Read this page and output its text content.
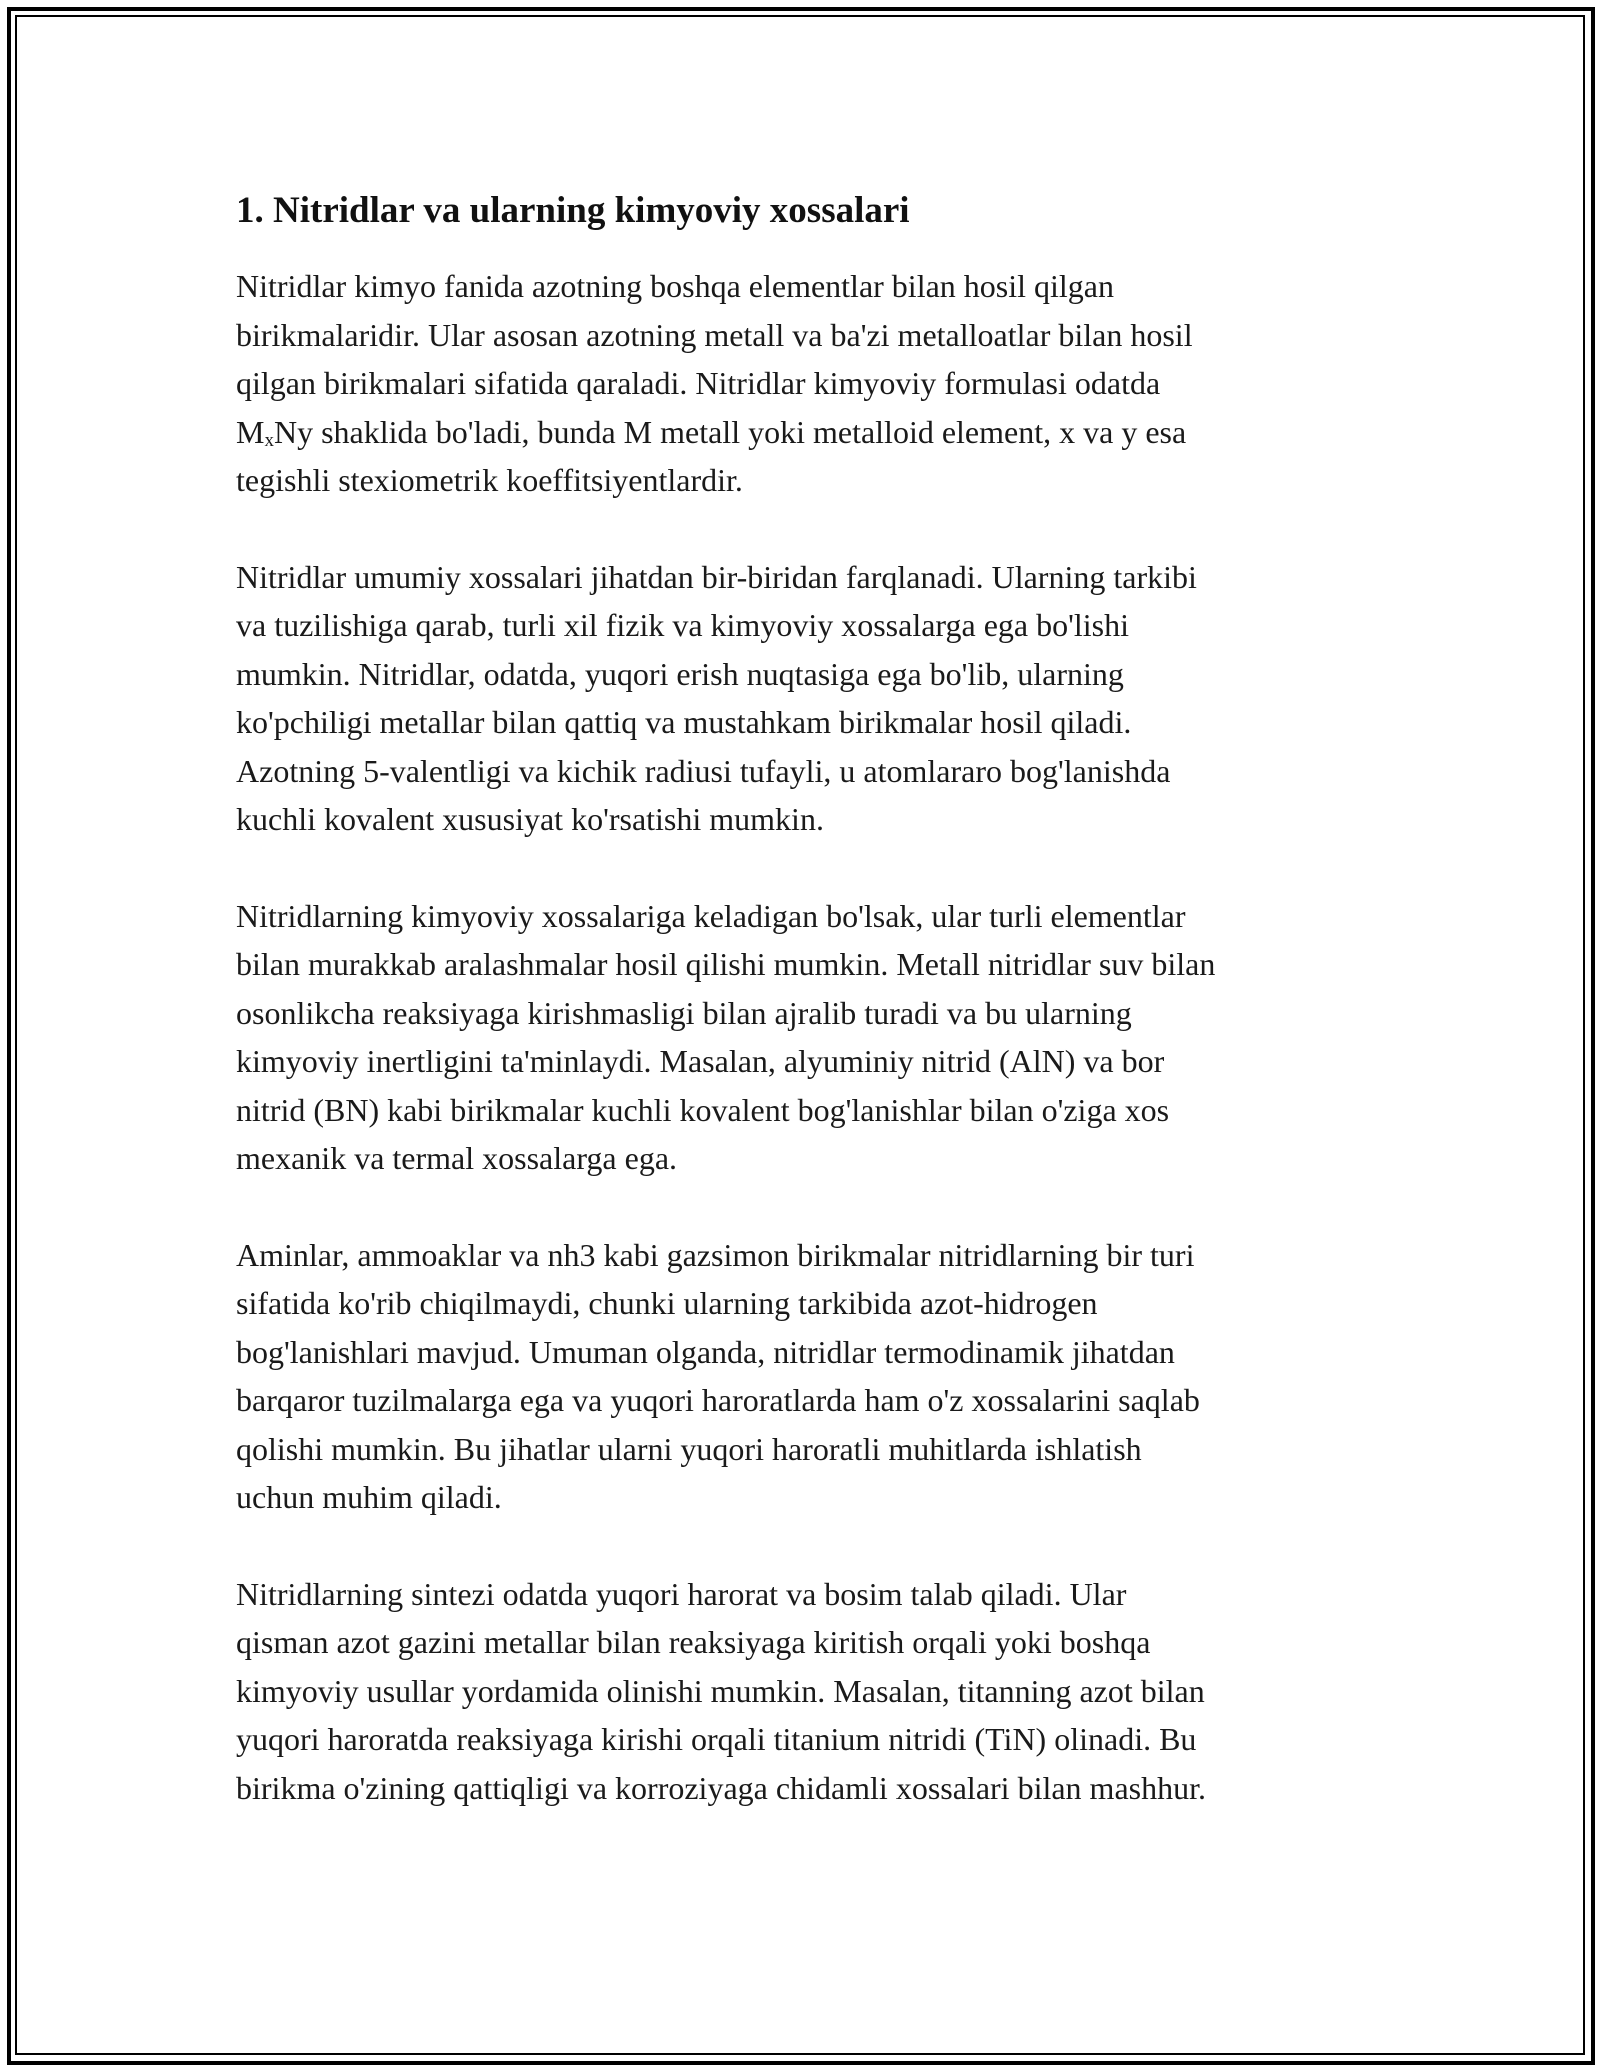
1. Nitridlar va ularning kimyoviy xossalari

Nitridlar kimyo fanida azotning boshqa elementlar bilan hosil qilgan
birikmalaridir. Ular asosan azotning metall va ba'zi metalloatlar bilan hosil
qilgan birikmalari sifatida qaraladi. Nitridlar kimyoviy formulasi odatda
$M_xNy$ shaklida bo'ladi, bunda M metall yoki metalloid element, x va y esa
tegishli stexiometrik koeffitsiyentlardir.

Nitridlar umumiy xossalari jihatdan bir-biridan farqlanadi. Ularning tarkibi
va tuzilishiga qarab, turli xil fizik va kimyoviy xossalarga ega bo'lishi
mumkin. Nitridlar, odatda, yuqori erish nuqtasiga ega bo'lib, ularning
ko'pchiligi metallar bilan qattiq va mustahkam birikmalar hosil qiladi.
Azotning 5-valentligi va kichik radiusi tufayli, u atomlararo bog'lanishda
kuchli kovalent xususiyat ko'rsatishi mumkin.

Nitridlarning kimyoviy xossalariga keladigan bo'lsak, ular turli elementlar
bilan murakkab aralashmalar hosil qilishi mumkin. Metall nitridlar suv bilan
osonlikcha reaksiyaga kirishmasligi bilan ajralib turadi va bu ularning
kimyoviy inertligini ta'minlaydi. Masalan, alyuminiy nitrid (AlN) va bor
nitrid (BN) kabi birikmalar kuchli kovalent bog'lanishlar bilan o'ziga xos
mexanik va termal xossalarga ega.

Aminlar, ammoaklar va nh3 kabi gazsimon birikmalar nitridlarning bir turi
sifatida ko'rib chiqilmaydi, chunki ularning tarkibida azot-hidrogen
bog'lanishlari mavjud. Umuman olganda, nitridlar termodinamik jihatdan
barqaror tuzilmalarga ega va yuqori haroratlarda ham o'z xossalarini saqlab
qolishi mumkin. Bu jihatlar ularni yuqori haroratli muhitlarda ishlatish
uchun muhim qiladi.

Nitridlarning sintezi odatda yuqori harorat va bosim talab qiladi. Ular
qisman azot gazini metallar bilan reaksiyaga kiritish orqali yoki boshqa
kimyoviy usullar yordamida olinishi mumkin. Masalan, titanning azot bilan
yuqori haroratda reaksiyaga kirishi orqali titanium nitridi (TiN) olinadi. Bu
birikma o'zining qattiqligi va korroziyaga chidamli xossalari bilan mashhur.
